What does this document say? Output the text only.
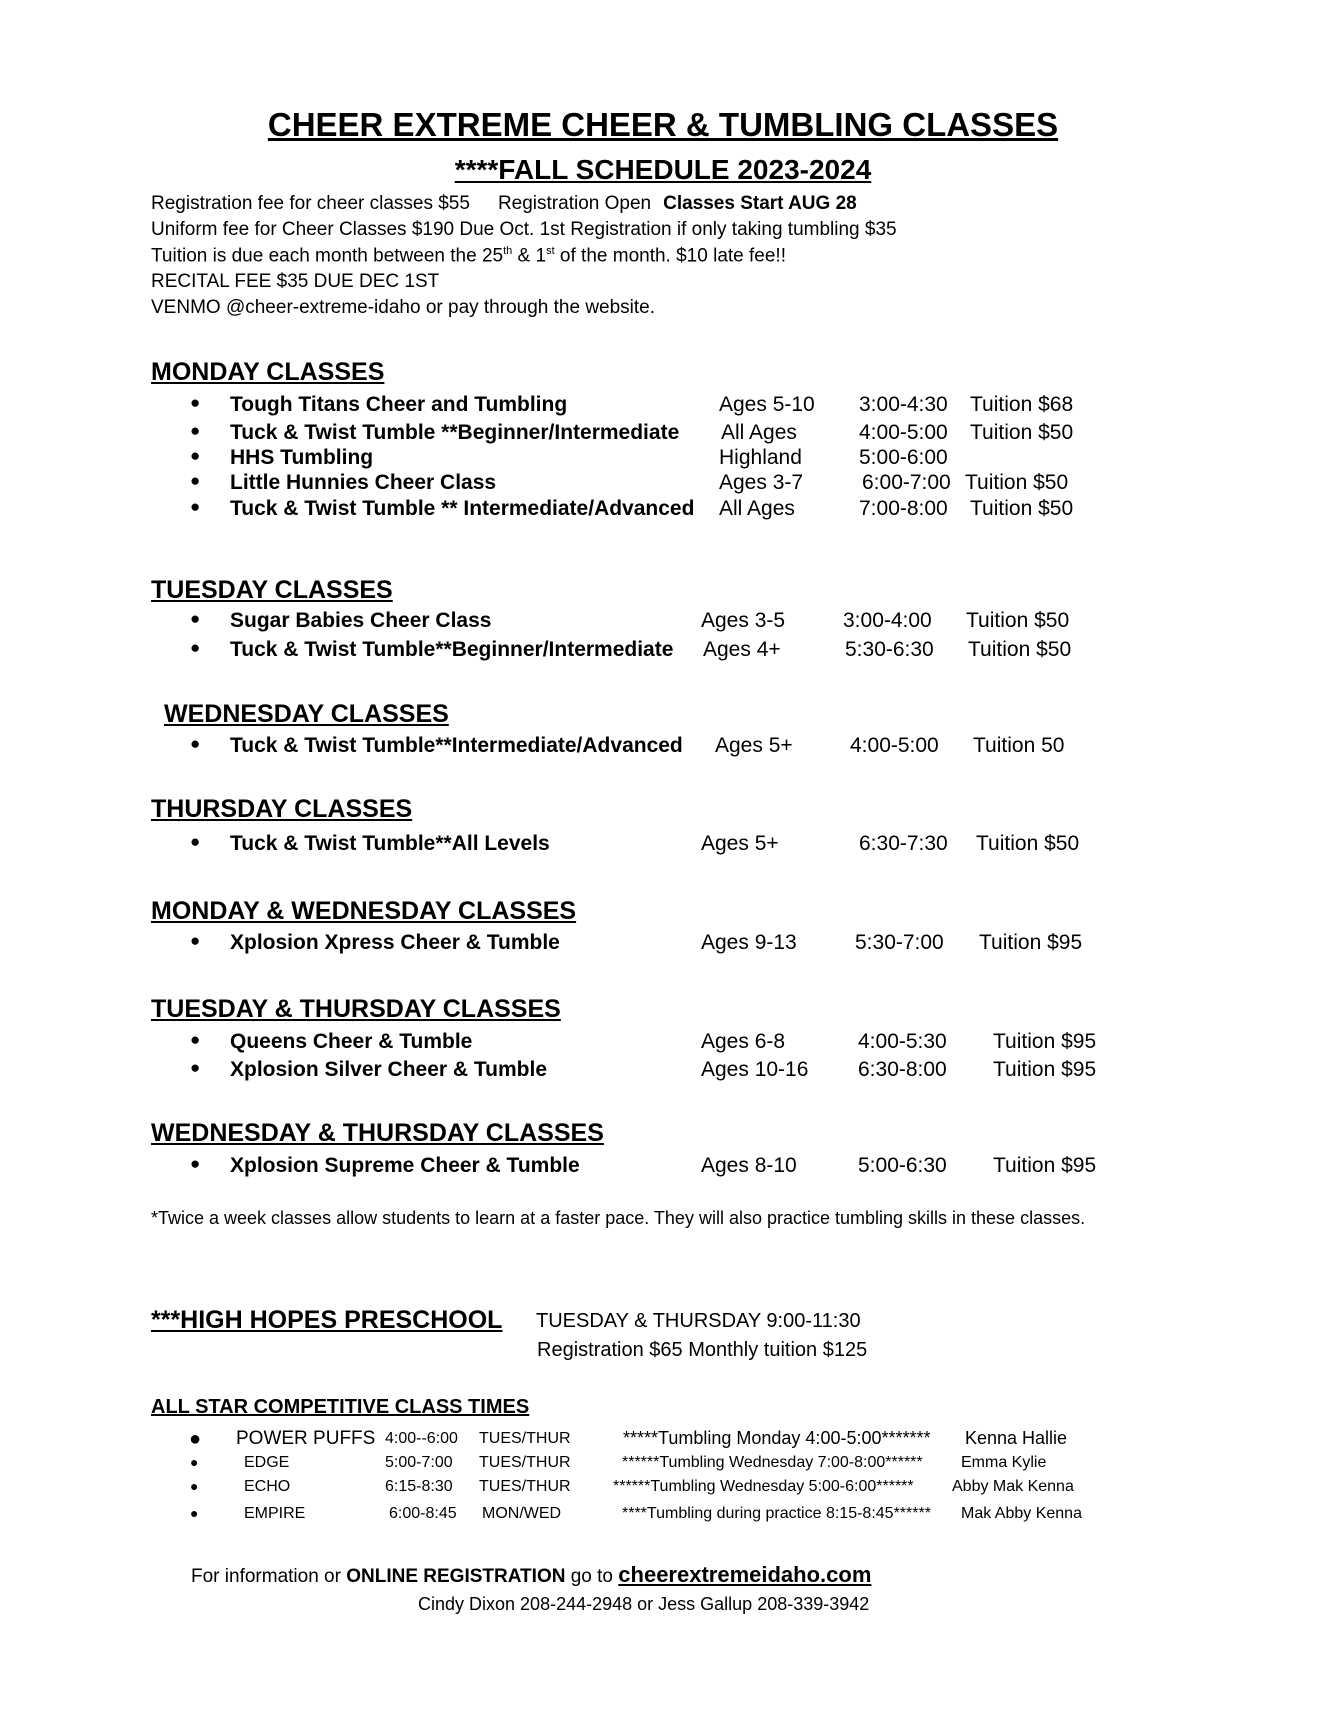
CHEER EXTREME CHEER & TUMBLING CLASSES
****FALL SCHEDULE 2023-2024
Registration fee for cheer classes $55 Registration Open Classes Start AUG 28
Uniform fee for Cheer Classes $190 Due Oct. 1st Registration if only taking tumbling $35
Tuition is due each month between the 25th & 1st of the month. $10 late fee!!
RECITAL FEE $35 DUE DEC 1ST
VENMO @cheer-extreme-idaho or pay through the website.
MONDAY CLASSES
● Tough Titans Cheer and Tumbling	Ages 5-10 3:00-4:30 Tuition $68
● Tuck & Twist Tumble **Beginner/Intermediate All Ages	4:00-5:00 Tuition $50
● HHS Tumbling	Highland	5:00-6:00
● Little Hunnies Cheer Class	Ages 3-7	6:00-7:00 Tuition $50
● Tuck & Twist Tumble ** Intermediate/Advanced All Ages	7:00-8:00 Tuition $50
TUESDAY CLASSES
● Sugar Babies Cheer Class	Ages 3-5	3:00-4:00 Tuition $50
● Tuck & Twist Tumble**Beginner/Intermediate Ages 4+	5:30-6:30 Tuition $50
WEDNESDAY CLASSES
● Tuck & Twist Tumble**Intermediate/Advanced Ages 5+	4:00-5:00 Tuition 50
THURSDAY CLASSES
● Tuck & Twist Tumble**All Levels	Ages 5+	6:30-7:30 Tuition $50
MONDAY & WEDNESDAY CLASSES
● Xplosion Xpress Cheer & Tumble	Ages 9-13	5:30-7:00 Tuition $95
TUESDAY & THURSDAY CLASSES
● Queens Cheer & Tumble	Ages 6-8	4:00-5:30 Tuition $95
● Xplosion Silver Cheer & Tumble	Ages 10-16 6:30-8:00 Tuition $95
WEDNESDAY & THURSDAY CLASSES
● Xplosion Supreme Cheer & Tumble	Ages 8-10	5:00-6:30 Tuition $95
*Twice a week classes allow students to learn at a faster pace. They will also practice tumbling skills in these classes.
***HIGH HOPES PRESCHOOL TUESDAY & THURSDAY 9:00-11:30
Registration $65 Monthly tuition $125
ALL STAR COMPETITIVE CLASS TIMES
● POWER PUFFS 4:00--6:00 TUES/THUR	*****Tumbling Monday 4:00-5:00******* Kenna Hallie
●	EDGE	5:00-7:00 TUES/THUR	******Tumbling Wednesday 7:00-8:00****** Emma Kylie
●	ECHO	6:15-8:30 TUES/THUR	******Tumbling Wednesday 5:00-6:00****** Abby Mak Kenna
●	EMPIRE	6:00-8:45 MON/WED	****Tumbling during practice 8:15-8:45****** Mak Abby Kenna
For information or ONLINE REGISTRATION go to cheerextremeidaho.com
Cindy Dixon 208-244-2948 or Jess Gallup 208-339-3942
